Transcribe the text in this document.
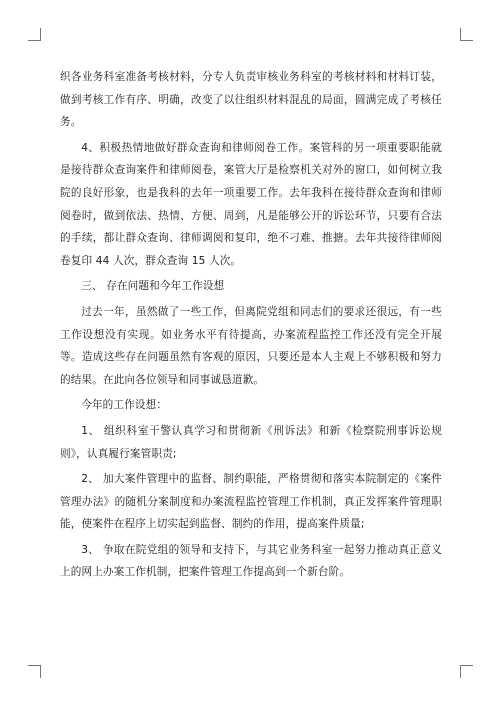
织各业务科室准备考核材料，分专人负责审核业务科室的考核材料和材料订装，做到考核工作有序、明确，改变了以往组织材料混乱的局面，圆满完成了考核任务。

4、积极热情地做好群众查询和律师阅卷工作。案管科的另一项重要职能就是接待群众查询案件和律师阅卷，案管大厅是检察机关对外的窗口，如何树立我院的良好形象，也是我科的去年一项重要工作。去年我科在接待群众查询和律师阅卷时，做到依法、热情、方便、周到，凡是能够公开的诉讼环节，只要有合法的手续，都让群众查询、律师调阅和复印，绝不刁难、推搪。去年共接待律师阅卷复印 44 人次，群众查询 15 人次。

三、 存在问题和今年工作设想

过去一年，虽然做了一些工作，但离院党组和同志们的要求还很远，有一些工作设想没有实现。如业务水平有待提高，办案流程监控工作还没有完全开展等。造成这些存在问题虽然有客观的原因，只要还是本人主观上不够积极和努力的结果。在此向各位领导和同事诚恳道歉。

今年的工作设想：

1、 组织科室干警认真学习和贯彻新《刑诉法》和新《检察院刑事诉讼规则》，认真履行案管职责;

2、 加大案件管理中的监督、制约职能，严格贯彻和落实本院制定的《案件管理办法》的随机分案制度和办案流程监控管理工作机制，真正发挥案件管理职能，使案件在程序上切实起到监督、制约的作用，提高案件质量;

3、 争取在院党组的领导和支持下，与其它业务科室一起努力推动真正意义上的网上办案工作机制，把案件管理工作提高到一个新台阶。
